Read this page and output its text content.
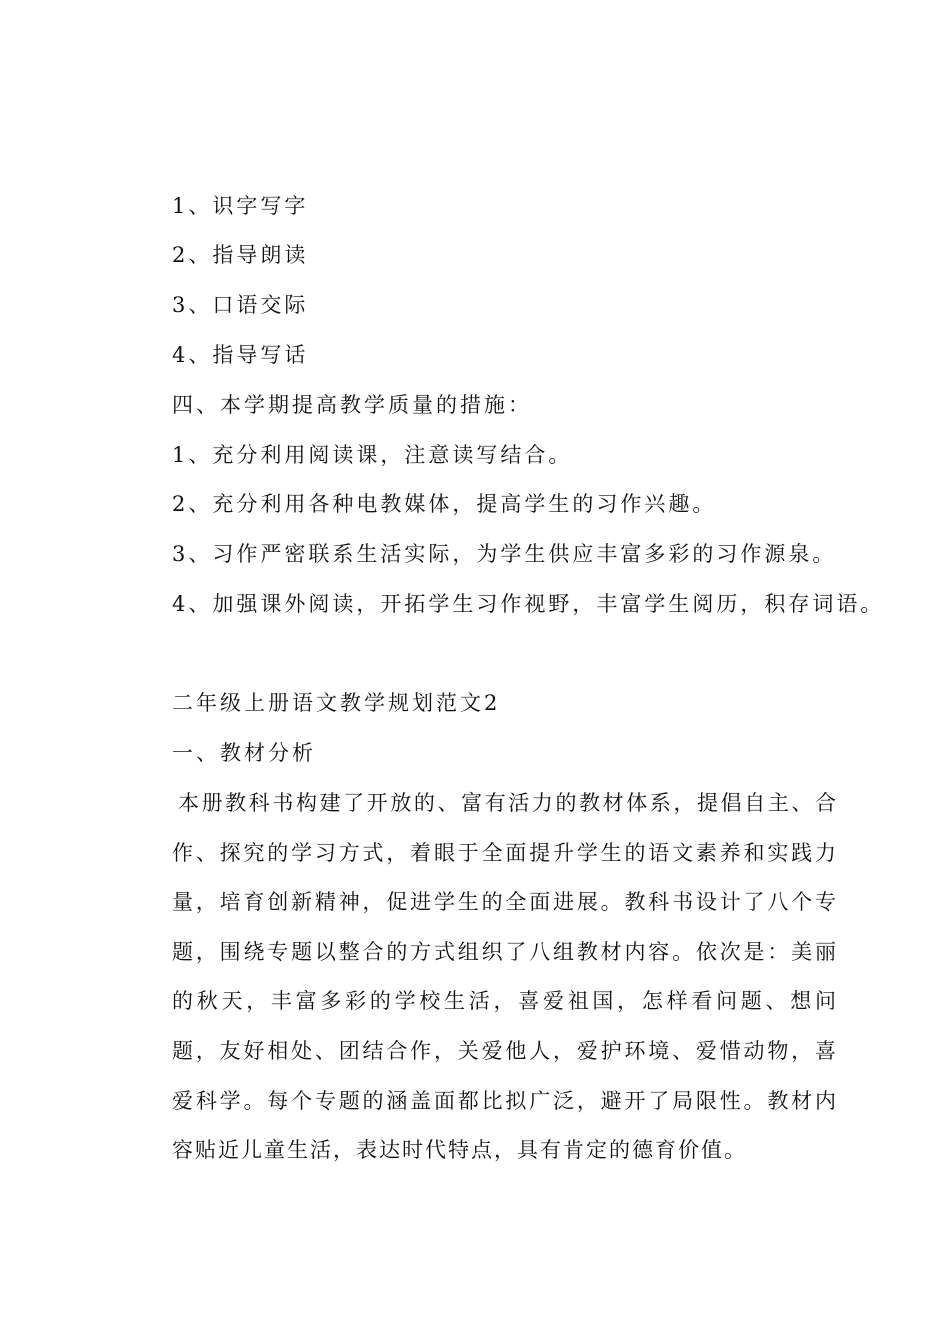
1、识字写字
2、指导朗读
3、口语交际
4、指导写话
四、本学期提高教学质量的措施：
1、充分利用阅读课，注意读写结合。
2、充分利用各种电教媒体，提高学生的习作兴趣。
3、习作严密联系生活实际，为学生供应丰富多彩的习作源泉。
4、加强课外阅读，开拓学生习作视野，丰富学生阅历，积存词语。
二年级上册语文教学规划范文2
一、教材分析
本册教科书构建了开放的、富有活力的教材体系，提倡自主、合作、探究的学习方式，着眼于全面提升学生的语文素养和实践力量，培育创新精神，促进学生的全面进展。教科书设计了八个专题，围绕专题以整合的方式组织了八组教材内容。依次是：美丽的秋天，丰富多彩的学校生活，喜爱祖国，怎样看问题、想问题，友好相处、团结合作，关爱他人，爱护环境、爱惜动物，喜爱科学。每个专题的涵盖面都比拟广泛，避开了局限性。教材内容贴近儿童生活，表达时代特点，具有肯定的德育价值。
